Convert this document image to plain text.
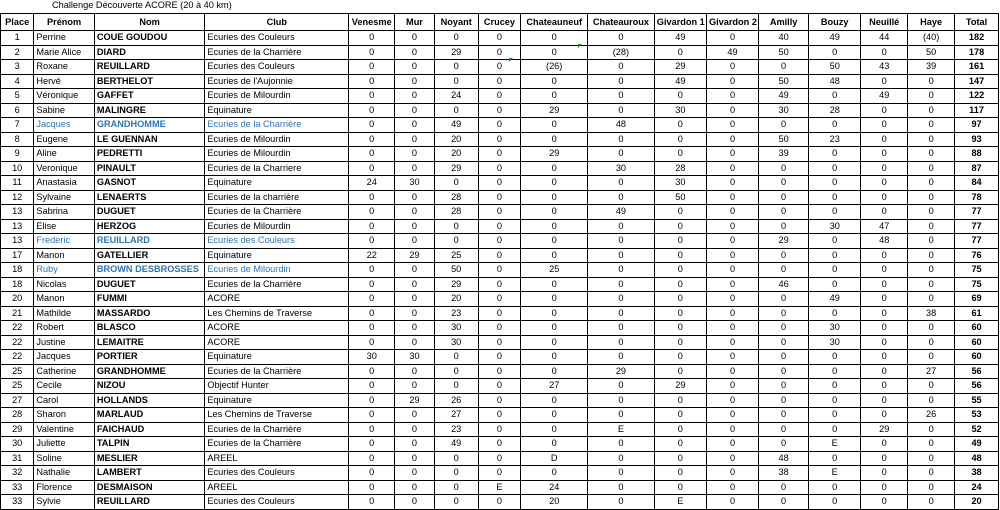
Challenge Découverte ACORE (20 à 40 km)
Place	Prénom	Nom	Club	Venesme	Mur	Noyant	Crucey	Chateauneuf	Chateauroux	Givardon 1	Givardon 2	Amilly	Bouzy	Neuillé	Haye	Total
1	Perrine	COUE GOUDOU	Ecuries des Couleurs	0	0	0	0	0	0	49	0	40	49	44	(40)	182
2	Marie Alice	DIARD	Ecuries de la Charrière	0	0	29	0	0	(28)	0	49	50	0	0	50	178
3	Roxane	REUILLARD	Ecuries des Couleurs	0	0	0	0	(26)	0	29	0	0	50	43	39	161
4	Hervé	BERTHELOT	Ecuries de l'Aujonnie	0	0	0	0	0	0	49	0	50	48	0	0	147
5	Véronique	GAFFET	Ecuries de Milourdin	0	0	24	0	0	0	0	0	49	0	49	0	122
6	Sabine	MALINGRE	Equinature	0	0	0	0	29	0	30	0	30	28	0	0	117
7	Jacques	GRANDHOMME	Ecuries de la Charrière	0	0	49	0	0	48	0	0	0	0	0	0	97
8	Eugene	LE GUENNAN	Ecuries de Milourdin	0	0	20	0	0	0	0	0	50	23	0	0	93
9	Aline	PEDRETTI	Ecuries de Milourdin	0	0	20	0	29	0	0	0	39	0	0	0	88
10	Veronique	PINAULT	Ecuries de la Charriere	0	0	29	0	0	30	28	0	0	0	0	0	87
11	Anastasia	GASNOT	Equinature	24	30	0	0	0	0	30	0	0	0	0	0	84
12	Sylvaine	LENAERTS	Ecuries de la charrière	0	0	28	0	0	0	50	0	0	0	0	0	78
13	Sabrina	DUGUET	Ecuries de la Charrière	0	0	28	0	0	49	0	0	0	0	0	0	77
13	Elise	HERZOG	Ecuries de Milourdin	0	0	0	0	0	0	0	0	0	30	47	0	77
13	Frederic	REUILLARD	Ecuries des Couleurs	0	0	0	0	0	0	0	0	29	0	48	0	77
17	Manon	GATELLIER	Equinature	22	29	25	0	0	0	0	0	0	0	0	0	76
18	Ruby	BROWN DESBROSSES	Ecuries de Milourdin	0	0	50	0	25	0	0	0	0	0	0	0	75
18	Nicolas	DUGUET	Ecuries de la Charrière	0	0	29	0	0	0	0	0	46	0	0	0	75
20	Manon	FUMMI	ACORE	0	0	20	0	0	0	0	0	0	49	0	0	69
21	Mathilde	MASSARDO	Les Chemins de Traverse	0	0	23	0	0	0	0	0	0	0	0	38	61
22	Robert	BLASCO	ACORE	0	0	30	0	0	0	0	0	0	30	0	0	60
22	Justine	LEMAITRE	ACORE	0	0	30	0	0	0	0	0	0	30	0	0	60
22	Jacques	PORTIER	Equinature	30	30	0	0	0	0	0	0	0	0	0	0	60
25	Catherine	GRANDHOMME	Ecuries de la Charrière	0	0	0	0	0	29	0	0	0	0	0	27	56
25	Cecile	NIZOU	Objectif Hunter	0	0	0	0	27	0	29	0	0	0	0	0	56
27	Carol	HOLLANDS	Equinature	0	29	26	0	0	0	0	0	0	0	0	0	55
28	Sharon	MARLAUD	Les Chemins de Traverse	0	0	27	0	0	0	0	0	0	0	0	26	53
29	Valentine	FAICHAUD	Ecuries de la Charrière	0	0	23	0	0	E	0	0	0	0	29	0	52
30	Juliette	TALPIN	Ecuries de la Charrière	0	0	49	0	0	0	0	0	0	E	0	0	49
31	Soline	MESLIER	AREEL	0	0	0	0	D	0	0	0	48	0	0	0	48
32	Nathalie	LAMBERT	Ecuries des Couleurs	0	0	0	0	0	0	0	0	38	E	0	0	38
33	Florence	DESMAISON	AREEL	0	0	0	E	24	0	0	0	0	0	0	0	24
33	Sylvie	REUILLARD	Ecuries des Couleurs	0	0	0	0	20	0	E	0	0	0	0	0	20
